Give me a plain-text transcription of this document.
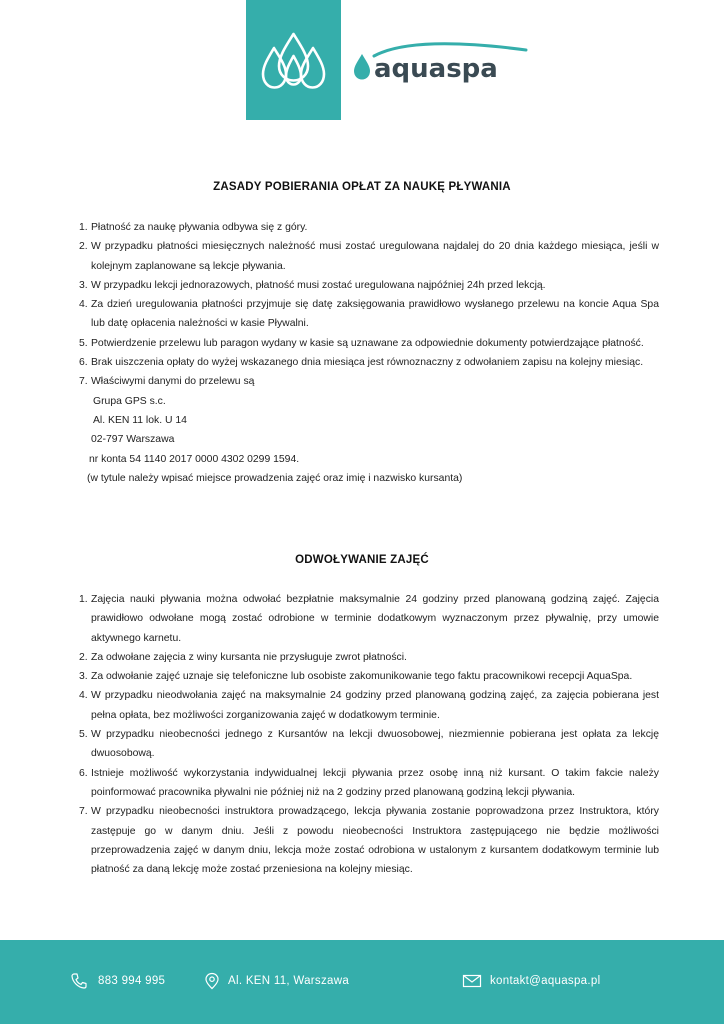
aquaspa
ZASADY POBIERANIA OPŁAT ZA NAUKĘ PŁYWANIA
1. Płatność za naukę pływania odbywa się z góry.
2. W przypadku płatności miesięcznych należność musi zostać uregulowana najdalej do 20 dnia każdego miesiąca, jeśli w kolejnym zaplanowane są lekcje pływania.
3. W przypadku lekcji jednorazowych, płatność musi zostać uregulowana najpóźniej 24h przed lekcją.
4. Za dzień uregulowania płatności przyjmuje się datę zaksięgowania prawidłowo wysłanego przelewu na koncie Aqua Spa lub datę opłacenia należności w kasie Pływalni.
5. Potwierdzenie przelewu lub paragon wydany w kasie są uznawane za odpowiednie dokumenty potwierdzające płatność.
6. Brak uiszczenia opłaty do wyżej wskazanego dnia miesiąca jest równoznaczny z odwołaniem zapisu na kolejny miesiąc.
7. Właściwymi danymi do przelewu są
Grupa GPS s.c.
Al. KEN 11 lok. U 14
02-797 Warszawa
nr konta 54 1140 2017 0000 4302 0299 1594.
(w tytule należy wpisać miejsce prowadzenia zajęć oraz imię i nazwisko kursanta)
ODWOŁYWANIE ZAJĘĆ
1. Zajęcia nauki pływania można odwołać bezpłatnie maksymalnie 24 godziny przed planowaną godziną zajęć. Zajęcia prawidłowo odwołane mogą zostać odrobione w terminie dodatkowym wyznaczonym przez pływalnię, przy umowie aktywnego karnetu.
2. Za odwołane zajęcia z winy kursanta nie przysługuje zwrot płatności.
3. Za odwołanie zajęć uznaje się telefoniczne lub osobiste zakomunikowanie tego faktu pracownikowi recepcji AquaSpa.
4. W przypadku nieodwołania zajęć na maksymalnie 24 godziny przed planowaną godziną zajęć, za zajęcia pobierana jest pełna opłata, bez możliwości zorganizowania zajęć w dodatkowym terminie.
5. W przypadku nieobecności jednego z Kursantów na lekcji dwuosobowej, niezmiennie pobierana jest opłata za lekcję dwuosobową.
6. Istnieje możliwość wykorzystania indywidualnej lekcji pływania przez osobę inną niż kursant. O takim fakcie należy poinformować pracownika pływalni nie później niż na 2 godziny przed planowaną godziną lekcji pływania.
7. W przypadku nieobecności instruktora prowadzącego, lekcja pływania zostanie poprowadzona przez Instruktora, który zastępuje go w danym dniu. Jeśli z powodu nieobecności Instruktora zastępującego nie będzie możliwości przeprowadzenia zajęć w danym dniu, lekcja może zostać odrobiona w ustalonym z kursantem dodatkowym terminie lub płatność za daną lekcję może zostać przeniesiona na kolejny miesiąc.
883 994 995	Al. KEN 11, Warszawa	kontakt@aquaspa.pl
